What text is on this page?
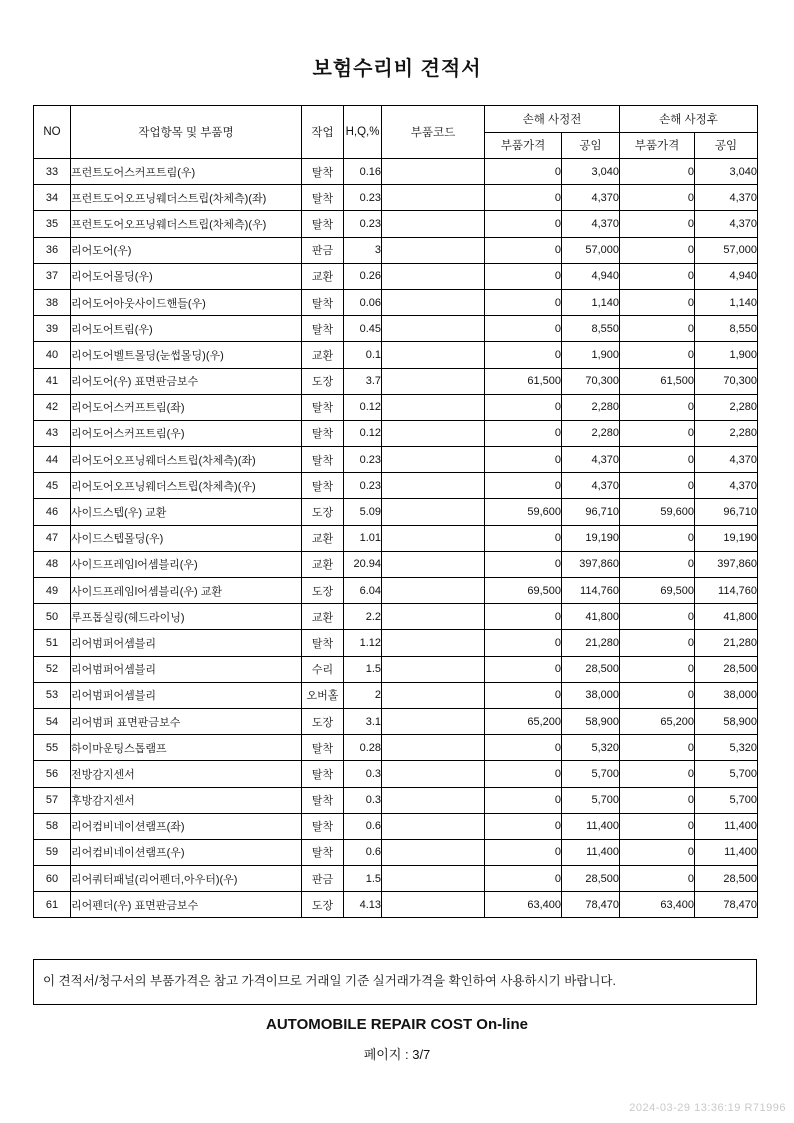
보험수리비 견적서
NO	작업항목 및 부품명	작업	H,Q,%	부품코드	손해 사정전		손해 사정후	
					부품가격	공임	부품가격	공임
33	프런트도어스커프트림(우)	탈착	0.16		0	3,040	0	3,040
34	프런트도어오프닝웨더스트립(차체측)(좌)	탈착	0.23		0	4,370	0	4,370
35	프런트도어오프닝웨더스트립(차체측)(우)	탈착	0.23		0	4,370	0	4,370
36	리어도어(우)	판금	3		0	57,000	0	57,000
37	리어도어몰딩(우)	교환	0.26		0	4,940	0	4,940
38	리어도어아웃사이드핸들(우)	탈착	0.06		0	1,140	0	1,140
39	리어도어트림(우)	탈착	0.45		0	8,550	0	8,550
40	리어도어벨트몰딩(눈썹몰딩)(우)	교환	0.1		0	1,900	0	1,900
41	리어도어(우) 표면판금보수	도장	3.7		61,500	70,300	61,500	70,300
42	리어도어스커프트림(좌)	탈착	0.12		0	2,280	0	2,280
43	리어도어스커프트림(우)	탈착	0.12		0	2,280	0	2,280
44	리어도어오프닝웨더스트립(차체측)(좌)	탈착	0.23		0	4,370	0	4,370
45	리어도어오프닝웨더스트립(차체측)(우)	탈착	0.23		0	4,370	0	4,370
46	사이드스텝(우) 교환	도장	5.09		59,600	96,710	59,600	96,710
47	사이드스텝몰딩(우)	교환	1.01		0	19,190	0	19,190
48	사이드프레임l어셈블리(우)	교환	20.94		0	397,860	0	397,860
49	사이드프레임l어셈블리(우) 교환	도장	6.04		69,500	114,760	69,500	114,760
50	루프톱실링(헤드라이닝)	교환	2.2		0	41,800	0	41,800
51	리어범퍼어셈블리	탈착	1.12		0	21,280	0	21,280
52	리어범퍼어셈블리	수리	1.5		0	28,500	0	28,500
53	리어범퍼어셈블리	오버홀	2		0	38,000	0	38,000
54	리어범퍼 표면판금보수	도장	3.1		65,200	58,900	65,200	58,900
55	하이마운팅스톱램프	탈착	0.28		0	5,320	0	5,320
56	전방감지센서	탈착	0.3		0	5,700	0	5,700
57	후방감지센서	탈착	0.3		0	5,700	0	5,700
58	리어컴비네이션램프(좌)	탈착	0.6		0	11,400	0	11,400
59	리어컴비네이션램프(우)	탈착	0.6		0	11,400	0	11,400
60	리어쿼터패널(리어펜더,아우터)(우)	판금	1.5		0	28,500	0	28,500
61	리어펜더(우) 표면판금보수	도장	4.13		63,400	78,470	63,400	78,470
이 견적서/청구서의 부품가격은 참고 가격이므로 거래일 기준 실거래가격을 확인하여 사용하시기 바랍니다.
AUTOMOBILE REPAIR COST On-line
페이지 : 3/7
2024-03-29 13:36:19 R71996
